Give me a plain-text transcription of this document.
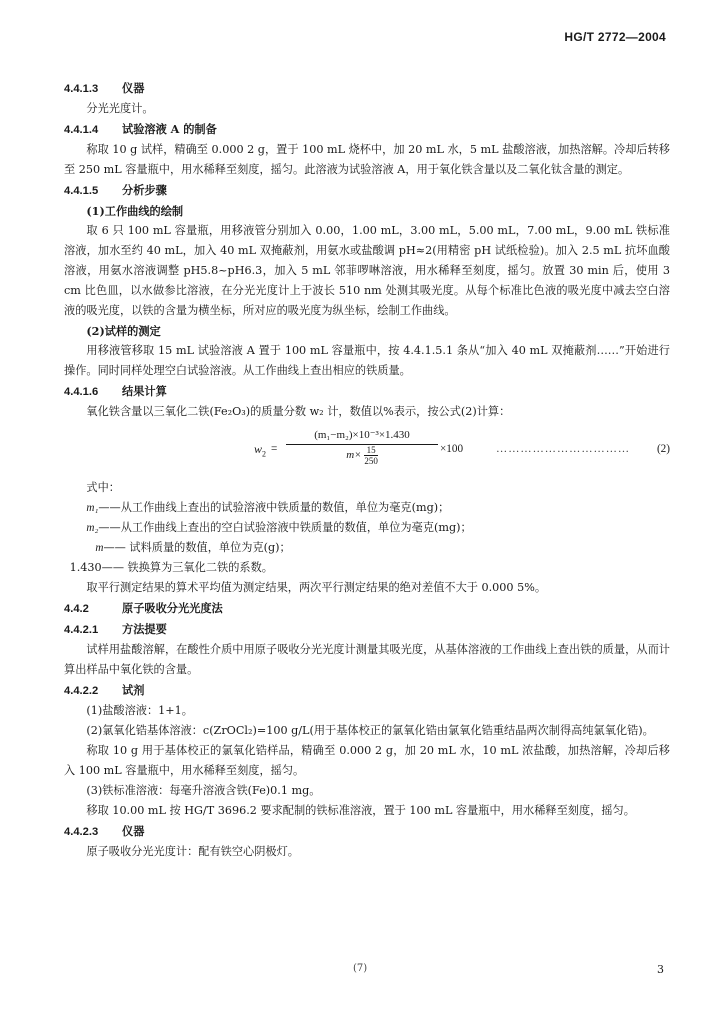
HG/T 2772—2004
4.4.1.3 仪器
分光光度计。
4.4.1.4 试验溶液 A 的制备
称取 10 g 试样，精确至 0.000 2 g，置于 100 mL 烧杯中，加 20 mL 水，5 mL 盐酸溶液，加热溶解。冷却后转移至 250 mL 容量瓶中，用水稀释至刻度，摇匀。此溶液为试验溶液 A，用于氧化铁含量以及二氧化钛含量的测定。
4.4.1.5 分析步骤
(1)工作曲线的绘制
取 6 只 100 mL 容量瓶，用移液管分别加入 0.00，1.00 mL，3.00 mL，5.00 mL，7.00 mL，9.00 mL 铁标准溶液，加水至约 40 mL，加入 40 mL 双掩蔽剂，用氨水或盐酸调 pH≈2(用精密 pH 试纸检验)。加入 2.5 mL 抗坏血酸溶液，用氨水溶液调整 pH5.8~pH6.3，加入 5 mL 邻菲啰啉溶液，用水稀释至刻度，摇匀。放置 30 min 后，使用 3 cm 比色皿，以水做参比溶液，在分光光度计上于波长 510 nm 处测其吸光度。从每个标准比色液的吸光度中减去空白溶液的吸光度，以铁的含量为横坐标，所对应的吸光度为纵坐标，绘制工作曲线。
(2)试样的测定
用移液管移取 15 mL 试验溶液 A 置于 100 mL 容量瓶中，按 4.4.1.5.1 条从“加入 40 mL 双掩蔽剂……”开始进行操作。同时同样处理空白试验溶液。从工作曲线上查出相应的铁质量。
4.4.1.6 结果计算
氧化铁含量以三氧化二铁(Fe₂O₃)的质量分数 w₂ 计，数值以%表示，按公式(2)计算：
$w_2 = \frac{\text{(m₁−m₂)×10⁻³×1.430}}{m\times \frac{15}{250}} \times 100$	…………………………… (2)
式中：
m₁——从工作曲线上查出的试验溶液中铁质量的数值，单位为毫克(mg)；
m₂——从工作曲线上查出的空白试验溶液中铁质量的数值，单位为毫克(mg)；
m—— 试料质量的数值，单位为克(g)；
1.430—— 铁换算为三氧化二铁的系数。
取平行测定结果的算术平均值为测定结果，两次平行测定结果的绝对差值不大于 0.000 5%。
4.4.2	原子吸收分光光度法
4.4.2.1 方法提要
试样用盐酸溶解，在酸性介质中用原子吸收分光光度计测量其吸光度，从基体溶液的工作曲线上查出铁的质量，从而计算出样品中氧化铁的含量。
4.4.2.2 试剂
(1)盐酸溶液：1+1。
(2)氯氧化锆基体溶液：c(ZrOCl₂)=100 g/L(用于基体校正的氯氧化锆由氯氧化锆重结晶两次制得高纯氯氧化锆)。
称取 10 g 用于基体校正的氯氧化锆样品，精确至 0.000 2 g，加 20 mL 水，10 mL 浓盐酸，加热溶解，冷却后移入 100 mL 容量瓶中，用水稀释至刻度，摇匀。
(3)铁标准溶液：每毫升溶液含铁(Fe)0.1 mg。
移取 10.00 mL 按 HG/T 3696.2 要求配制的铁标准溶液，置于 100 mL 容量瓶中，用水稀释至刻度，摇匀。
4.4.2.3 仪器
原子吸收分光光度计：配有铁空心阴极灯。
(7)	3
